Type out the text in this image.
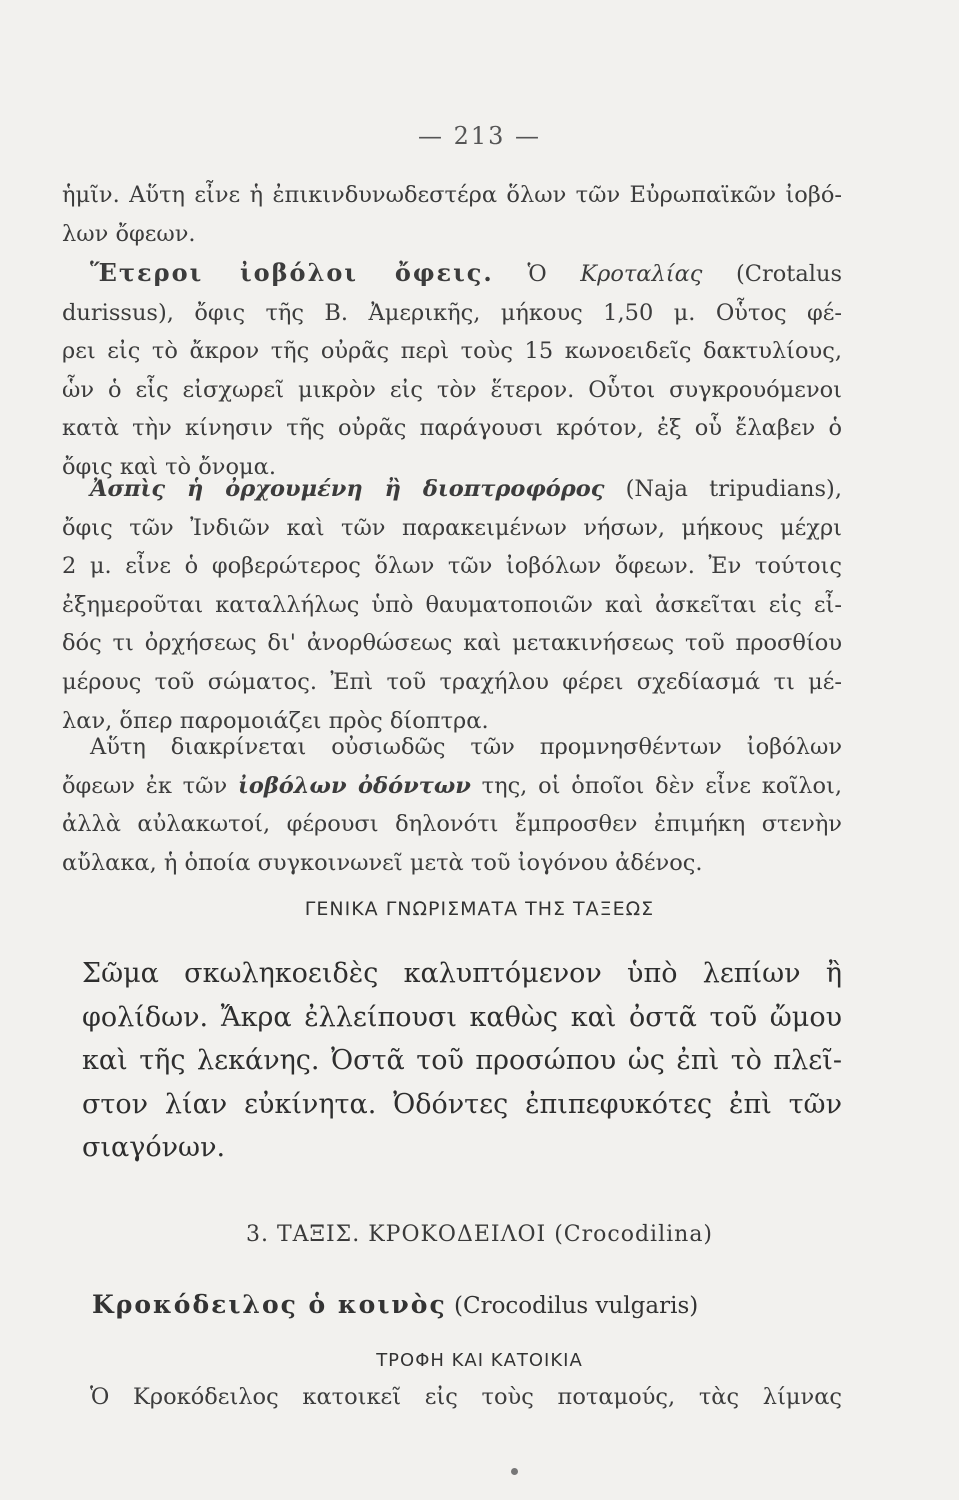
— 213 —

ἡμῖν. Αὕτη εἶνε ἡ ἐπικινδυνωδεστέρα ὅλων τῶν Εὐρωπαϊκῶν ἰοβό-

λων ὄφεων.

Ἕτεροι ἰοβόλοι ὄφεις. Ὁ Κροταλίας (Crotalus

durissus), ὄφις τῆς Β. Ἀμερικῆς, μήκους 1,50 μ. Οὗτος φέ-

ρει εἰς τὸ ἄκρον τῆς οὐρᾶς περὶ τοὺς 15 κωνοειδεῖς δακτυλίους,

ὧν ὁ εἷς εἰσχωρεῖ μικρὸν εἰς τὸν ἕτερον. Οὗτοι συγκρουόμενοι

κατὰ τὴν κίνησιν τῆς οὐρᾶς παράγουσι κρότον, ἐξ οὗ ἔλαβεν ὁ

ὄφις καὶ τὸ ὄνομα.

Ἀσπὶς ἡ ὀρχουμένη ἢ διοπτροφόρος (Naja tripudians),

ὄφις τῶν Ἰνδιῶν καὶ τῶν παρακειμένων νήσων, μήκους μέχρι

2 μ. εἶνε ὁ φοβερώτερος ὅλων τῶν ἰοβόλων ὄφεων. Ἐν τούτοις

ἐξημεροῦται καταλλήλως ὑπὸ θαυματοποιῶν καὶ ἀσκεῖται εἰς εἶ-

δός τι ὀρχήσεως δι' ἀνορθώσεως καὶ μετακινήσεως τοῦ προσθίου

μέρους τοῦ σώματος. Ἐπὶ τοῦ τραχήλου φέρει σχεδίασμά τι μέ-

λαν, ὅπερ παρομοιάζει πρὸς δίοπτρα.

Αὕτη διακρίνεται οὐσιωδῶς τῶν προμνησθέντων ἰοβόλων

ὄφεων ἐκ τῶν ἰοβόλων ὀδόντων της, οἱ ὁποῖοι δὲν εἶνε κοῖλοι,

ἀλλὰ αὐλακωτοί, φέρουσι δηλονότι ἔμπροσθεν ἐπιμήκη στενὴν

αὔλακα, ἡ ὁποία συγκοινωνεῖ μετὰ τοῦ ἰογόνου ἀδένος.

ΓΕΝΙΚΑ ΓΝΩΡΙΣΜΑΤΑ ΤΗΣ ΤΑΞΕΩΣ

Σῶμα σκωληκοειδὲς καλυπτόμενον ὑπὸ λεπίων ἢ

φολίδων. Ἄκρα ἐλλείπουσι καθὼς καὶ ὀστᾶ τοῦ ὤμου

καὶ τῆς λεκάνης. Ὀστᾶ τοῦ προσώπου ὡς ἐπὶ τὸ πλεῖ-

στον λίαν εὐκίνητα. Ὀδόντες ἐπιπεφυκότες ἐπὶ τῶν

σιαγόνων.

3. ΤΑΞΙΣ. ΚΡΟΚΟΔΕΙΛΟΙ (Crocodilina)
Κροκόδειλος ὁ κοινὸς (Crocodilus vulgaris)
ΤΡΟΦΗ ΚΑΙ ΚΑΤΟΙΚΙΑ

Ὁ Κροκόδειλος κατοικεῖ εἰς τοὺς ποταμούς, τὰς λίμνας
